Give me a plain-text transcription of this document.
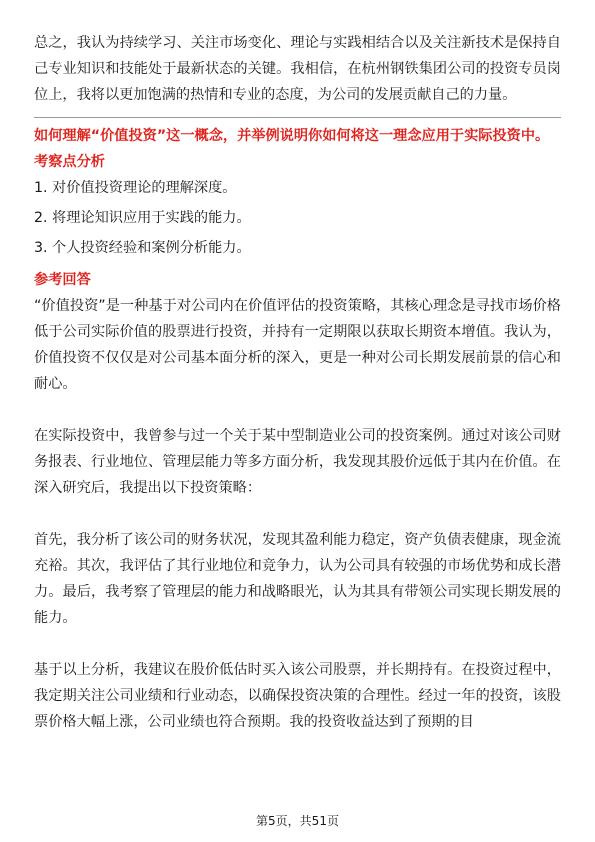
总之，我认为持续学习、关注市场变化、理论与实践相结合以及关注新技术是保持自己专业知识和技能处于最新状态的关键。我相信，在杭州钢铁集团公司的投资专员岗位上，我将以更加饱满的热情和专业的态度，为公司的发展贡献自己的力量。

如何理解“价值投资”这一概念，并举例说明你如何将这一理念应用于实际投资中。

考察点分析

1. 对价值投资理论的理解深度。
2. 将理论知识应用于实践的能力。
3. 个人投资经验和案例分析能力。

参考回答

“价值投资”是一种基于对公司内在价值评估的投资策略，其核心理念是寻找市场价格低于公司实际价值的股票进行投资，并持有一定期限以获取长期资本增值。我认为，价值投资不仅仅是对公司基本面分析的深入，更是一种对公司长期发展前景的信心和耐心。

在实际投资中，我曾参与过一个关于某中型制造业公司的投资案例。通过对该公司财务报表、行业地位、管理层能力等多方面分析，我发现其股价远低于其内在价值。在深入研究后，我提出以下投资策略：

首先，我分析了该公司的财务状况，发现其盈利能力稳定，资产负债表健康，现金流充裕。其次，我评估了其行业地位和竞争力，认为公司具有较强的市场优势和成长潜力。最后，我考察了管理层的能力和战略眼光，认为其具有带领公司实现长期发展的能力。

基于以上分析，我建议在股价低估时买入该公司股票，并长期持有。在投资过程中，我定期关注公司业绩和行业动态，以确保投资决策的合理性。经过一年的投资，该股票价格大幅上涨，公司业绩也符合预期。我的投资收益达到了预期的目

第5页，共51页
